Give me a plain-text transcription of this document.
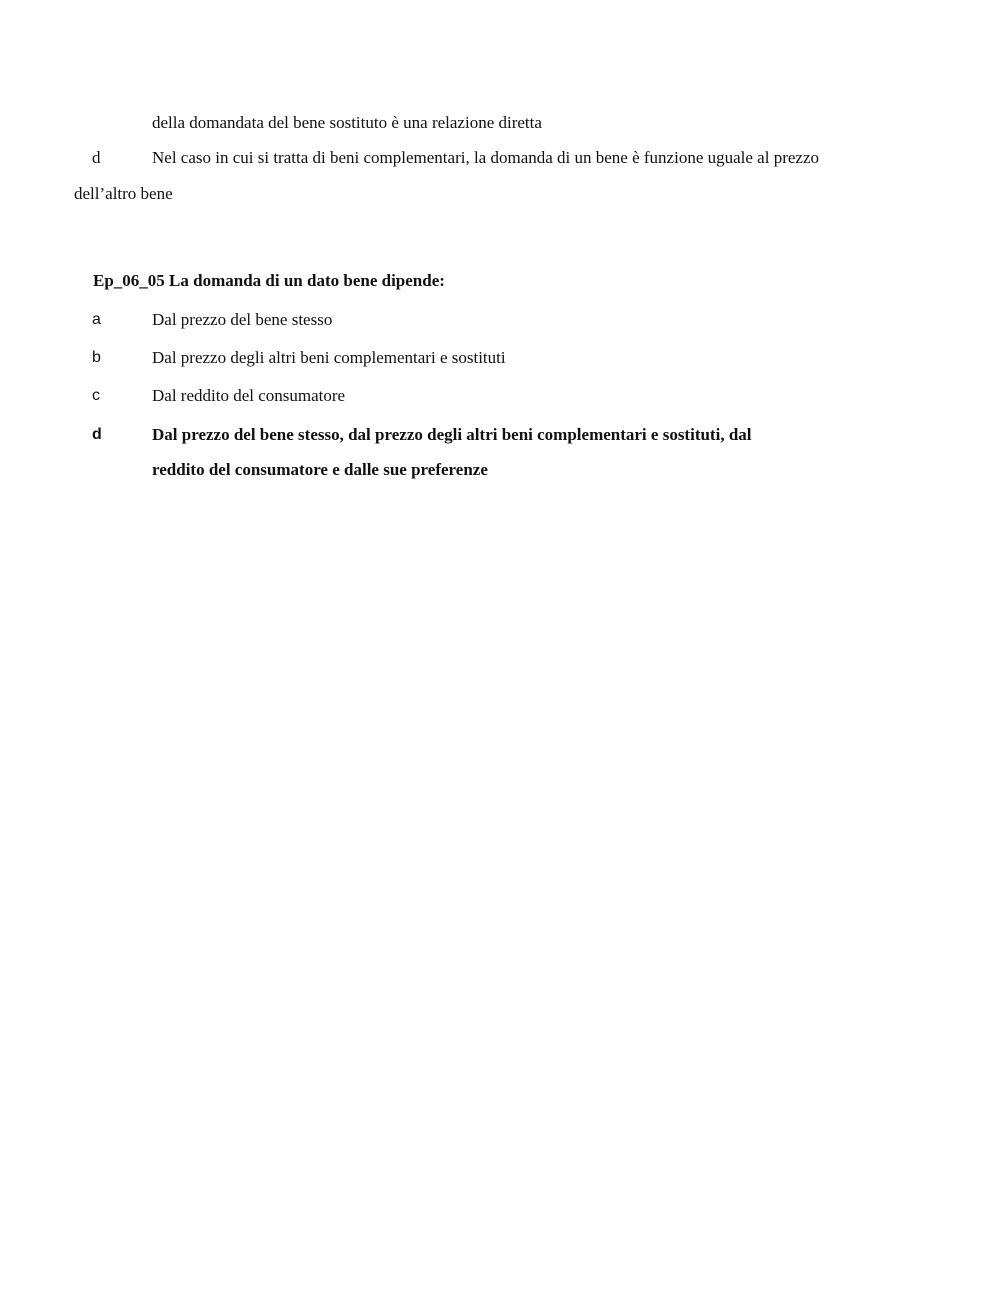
della domandata del bene sostituto è una relazione diretta
d	Nel caso in cui si tratta di beni complementari, la domanda di un bene è funzione uguale al prezzo
dell’altro bene
Ep_06_05 La domanda di un dato bene dipende:
a	Dal prezzo del bene stesso
b	Dal prezzo degli altri beni complementari e sostituti
c	Dal reddito del consumatore
d	Dal prezzo del bene stesso, dal prezzo degli altri beni complementari e sostituti, dal
reddito del consumatore e dalle sue preferenze
